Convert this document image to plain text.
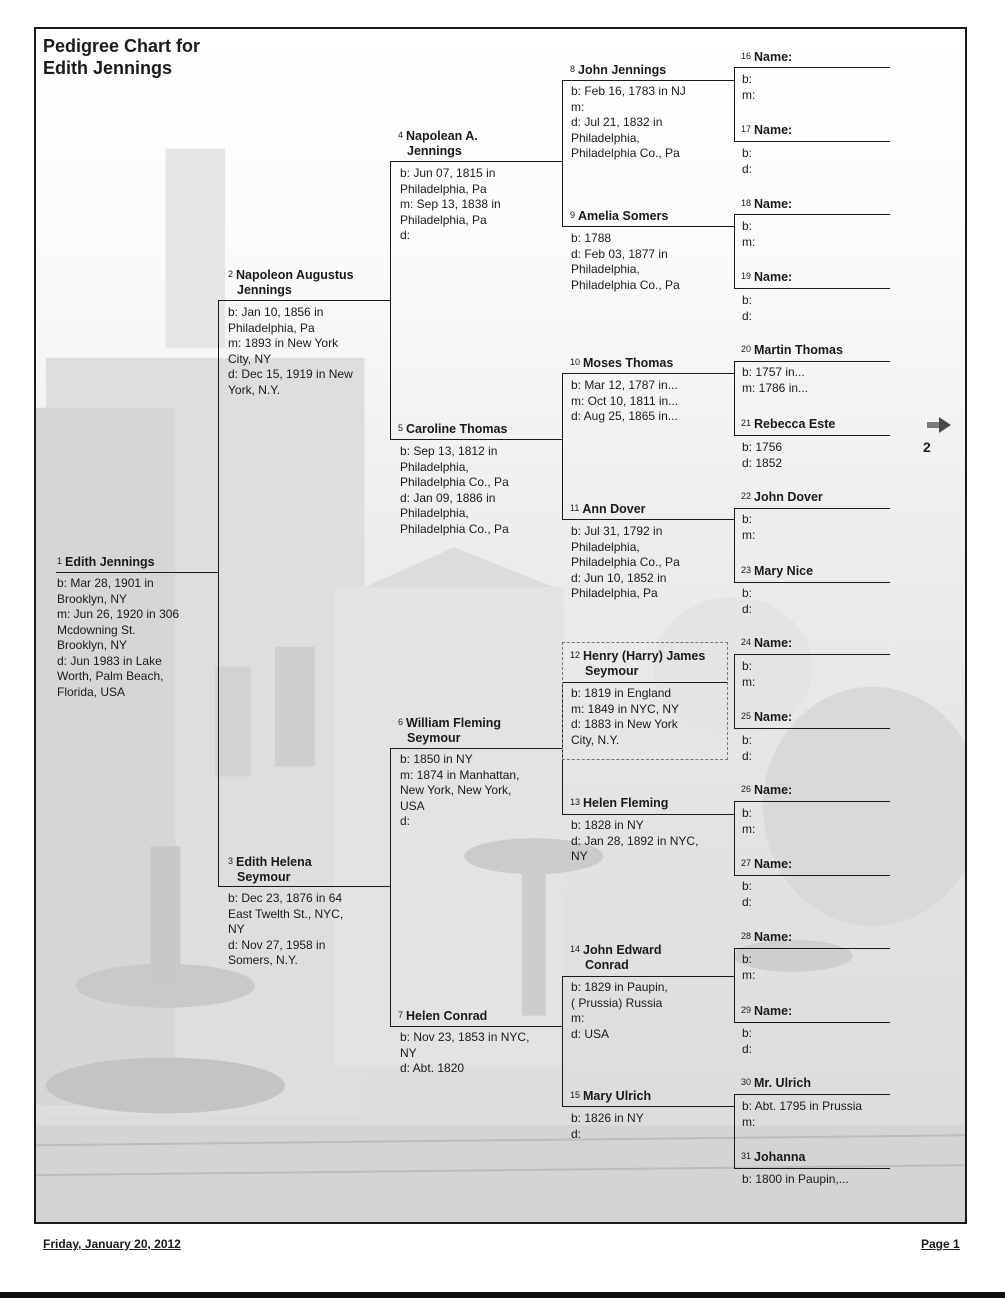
Pedigree Chart for
Edith Jennings
$^1$ Edith Jennings
b: Mar 28, 1901 in
Brooklyn, NY
m: Jun 26, 1920 in 306
Mcdowning St.
Brooklyn, NY
d: Jun 1983 in Lake
Worth, Palm Beach,
Florida, USA
$^2$ Napoleon Augustus
Jennings
b: Jan 10, 1856 in
Philadelphia, Pa
m: 1893 in New York
City, NY
d: Dec 15, 1919 in New
York, N.Y.
$^3$ Edith Helena
Seymour
b: Dec 23, 1876 in 64
East Twelth St., NYC,
NY
d: Nov 27, 1958 in
Somers, N.Y.
$^4$ Napolean A.
Jennings
b: Jun 07, 1815 in
Philadelphia, Pa
m: Sep 13, 1838 in
Philadelphia, Pa
d:
$^5$ Caroline Thomas
b: Sep 13, 1812 in
Philadelphia,
Philadelphia Co., Pa
d: Jan 09, 1886 in
Philadelphia,
Philadelphia Co., Pa
$^6$ William Fleming
Seymour
b: 1850 in NY
m: 1874 in Manhattan,
New York, New York,
USA
d:
$^7$ Helen Conrad
b: Nov 23, 1853 in NYC,
NY
d: Abt. 1820
$^8$ John Jennings
b: Feb 16, 1783 in NJ
m:
d: Jul 21, 1832 in
Philadelphia,
Philadelphia Co., Pa
$^9$ Amelia Somers
b: 1788
d: Feb 03, 1877 in
Philadelphia,
Philadelphia Co., Pa
$^{10}$ Moses Thomas
b: Mar 12, 1787 in...
m: Oct 10, 1811 in...
d: Aug 25, 1865 in...
$^{11}$ Ann Dover
b: Jul 31, 1792 in
Philadelphia,
Philadelphia Co., Pa
d: Jun 10, 1852 in
Philadelphia, Pa
$^{12}$ Henry (Harry) James
Seymour
b: 1819 in England
m: 1849 in NYC, NY
d: 1883 in New York
City, N.Y.
$^{13}$ Helen Fleming
b: 1828 in NY
d: Jan 28, 1892 in NYC,
NY
$^{14}$ John Edward
Conrad
b: 1829 in Paupin,
( Prussia) Russia
m:
d: USA
$^{15}$ Mary Ulrich
b: 1826 in NY
d:
$^{16}$ Name:
b:
m:
$^{17}$ Name:
b:
d:
$^{18}$ Name:
b:
m:
$^{19}$ Name:
b:
d:
$^{20}$ Martin Thomas
b: 1757 in...
m: 1786 in...
$^{21}$ Rebecca Este
b: 1756
d: 1852
$^{22}$ John Dover
b:
m:
$^{23}$ Mary Nice
b:
d:
$^{24}$ Name:
b:
m:
$^{25}$ Name:
b:
d:
$^{26}$ Name:
b:
m:
$^{27}$ Name:
b:
d:
$^{28}$ Name:
b:
m:
$^{29}$ Name:
b:
d:
$^{30}$ Mr. Ulrich
b: Abt. 1795 in Prussia
m:
$^{31}$ Johanna
b: 1800 in Paupin,...
2
Friday, January 20, 2012	Page 1
